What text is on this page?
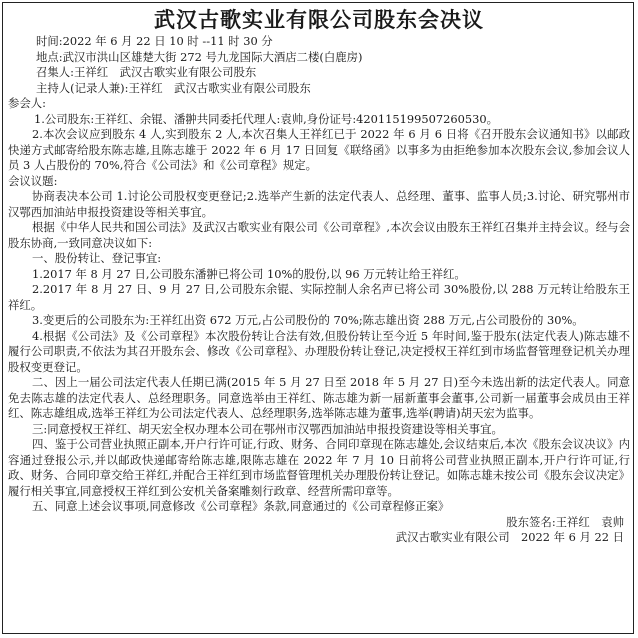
武汉古歌实业有限公司股东会决议

时间:2022 年 6 月 22 日 10 时 --11 时 30 分

地点:武汉市洪山区雄楚大街 272 号九龙国际大酒店二楼(白鹿房)

召集人:王祥红　武汉古歌实业有限公司股东

主持人(记录人兼):王祥红　武汉古歌实业有限公司股东

参会人:

1.公司股东:王祥红、余锟、潘翀共同委托代理人:袁帅,身份证号:420115199507260530。

2.本次会议应到股东 4 人,实到股东 2 人,本次召集人王祥红已于 2022 年 6 月 6 日将《召开股东会议通知书》以邮政快递方式邮寄给股东陈志雄,且陈志雄于 2022 年 6 月 17 日回复《联络函》以事多为由拒绝参加本次股东会议,参加会议人员 3 人占股份的 70%,符合《公司法》和《公司章程》规定。

会议议题:

协商表决本公司 1.讨论公司股权变更登记;2.选举产生新的法定代表人、总经理、董事、监事人员;3.讨论、研究鄂州市汉鄂西加油站申报投资建设等相关事宜。

根据《中华人民共和国公司法》及武汉古歌实业有限公司《公司章程》,本次会议由股东王祥红召集并主持会议。经与会股东协商,一致同意决议如下:

一、股份转让、登记事宜:

1.2017 年 8 月 27 日,公司股东潘翀已将公司 10%的股份,以 96 万元转让给王祥红。

2.2017 年 8 月 27 日、9 月 27 日,公司股东余锟、实际控制人余名声已将公司 30%股份,以 288 万元转让给股东王祥红。

3.变更后的公司股东为:王祥红出资 672 万元,占公司股份的 70%;陈志雄出资 288 万元,占公司股份的 30%。

4.根据《公司法》及《公司章程》本次股份转让合法有效,但股份转让至今近 5 年时间,鉴于股东(法定代表人)陈志雄不履行公司职责,不依法为其召开股东会、修改《公司章程》、办理股份转让登记,决定授权王祥红到市场监督管理登记机关办理股权变更登记。

二、因上一届公司法定代表人任期已满(2015 年 5 月 27 日至 2018 年 5 月 27 日)至今未选出新的法定代表人。同意免去陈志雄的法定代表人、总经理职务。同意选举由王祥红、陈志雄为新一届新董事会董事,公司新一届董事会成员由王祥红、陈志雄组成,选举王祥红为公司法定代表人、总经理职务,选举陈志雄为董事,选举(聘请)胡天宏为监事。

三:同意授权王祥红、胡天宏全权办理本公司在鄂州市汉鄂西加油站申报投资建设等相关事宜。

四、鉴于公司营业执照正副本,开户行许可证,行政、财务、合同印章现在陈志雄处,会议结束后,本次《股东会议决议》内容通过登报公示,并以邮政快递邮寄给陈志雄,限陈志雄在 2022 年 7 月 10 日前将公司营业执照正副本,开户行许可证,行政、财务、合同印章交给王祥红,并配合王祥红到市场监督管理机关办理股份转让登记。如陈志雄未按公司《股东会议决定》履行相关事宜,同意授权王祥红到公安机关备案雕刻行政章、经营所需印章等。

五、同意上述会议事项,同意修改《公司章程》条款,同意通过的《公司章程修正案》

股东签名:王祥红　袁帅

武汉古歌实业有限公司　2022 年 6 月 22 日
